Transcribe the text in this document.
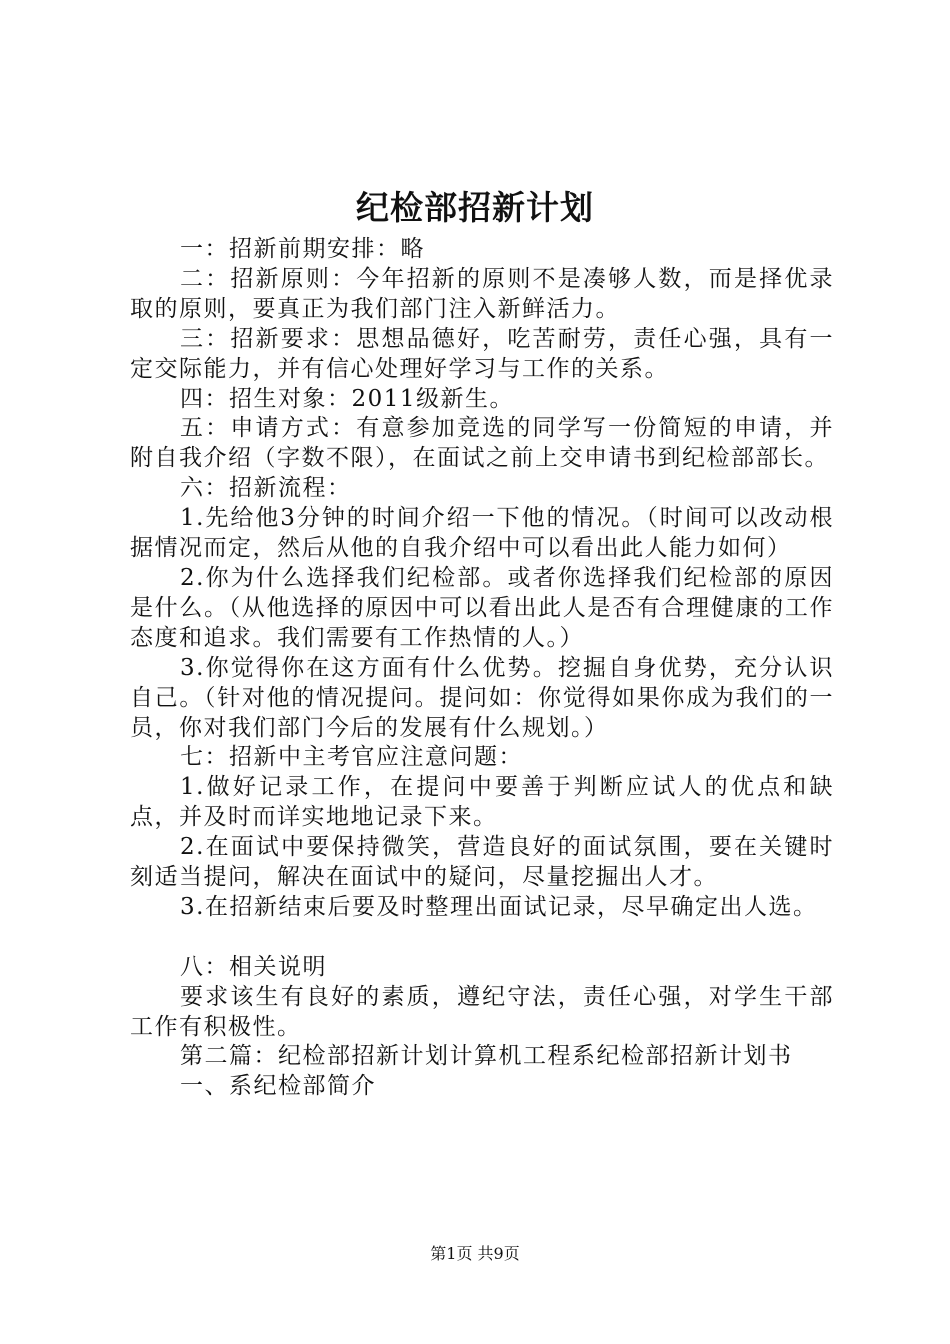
纪检部招新计划

一：招新前期安排：略

二：招新原则：今年招新的原则不是凑够人数，而是择优录取的原则，要真正为我们部门注入新鲜活力。

三：招新要求：思想品德好，吃苦耐劳，责任心强，具有一定交际能力，并有信心处理好学习与工作的关系。

四：招生对象：2011级新生。

五：申请方式：有意参加竞选的同学写一份简短的申请，并附自我介绍（字数不限），在面试之前上交申请书到纪检部部长。

六：招新流程：

1.先给他3分钟的时间介绍一下他的情况。（时间可以改动根据情况而定，然后从他的自我介绍中可以看出此人能力如何）

2.你为什么选择我们纪检部。或者你选择我们纪检部的原因是什么。（从他选择的原因中可以看出此人是否有合理健康的工作态度和追求。我们需要有工作热情的人。）

3.你觉得你在这方面有什么优势。挖掘自身优势，充分认识自己。（针对他的情况提问。提问如：你觉得如果你成为我们的一员，你对我们部门今后的发展有什么规划。）

七：招新中主考官应注意问题：

1.做好记录工作，在提问中要善于判断应试人的优点和缺点，并及时而详实地地记录下来。

2.在面试中要保持微笑，营造良好的面试氛围，要在关键时刻适当提问，解决在面试中的疑问，尽量挖掘出人才。

3.在招新结束后要及时整理出面试记录，尽早确定出人选。

八：相关说明

要求该生有良好的素质，遵纪守法，责任心强，对学生干部工作有积极性。

第二篇：纪检部招新计划计算机工程系纪检部招新计划书

一、系纪检部简介

第1页 共9页
